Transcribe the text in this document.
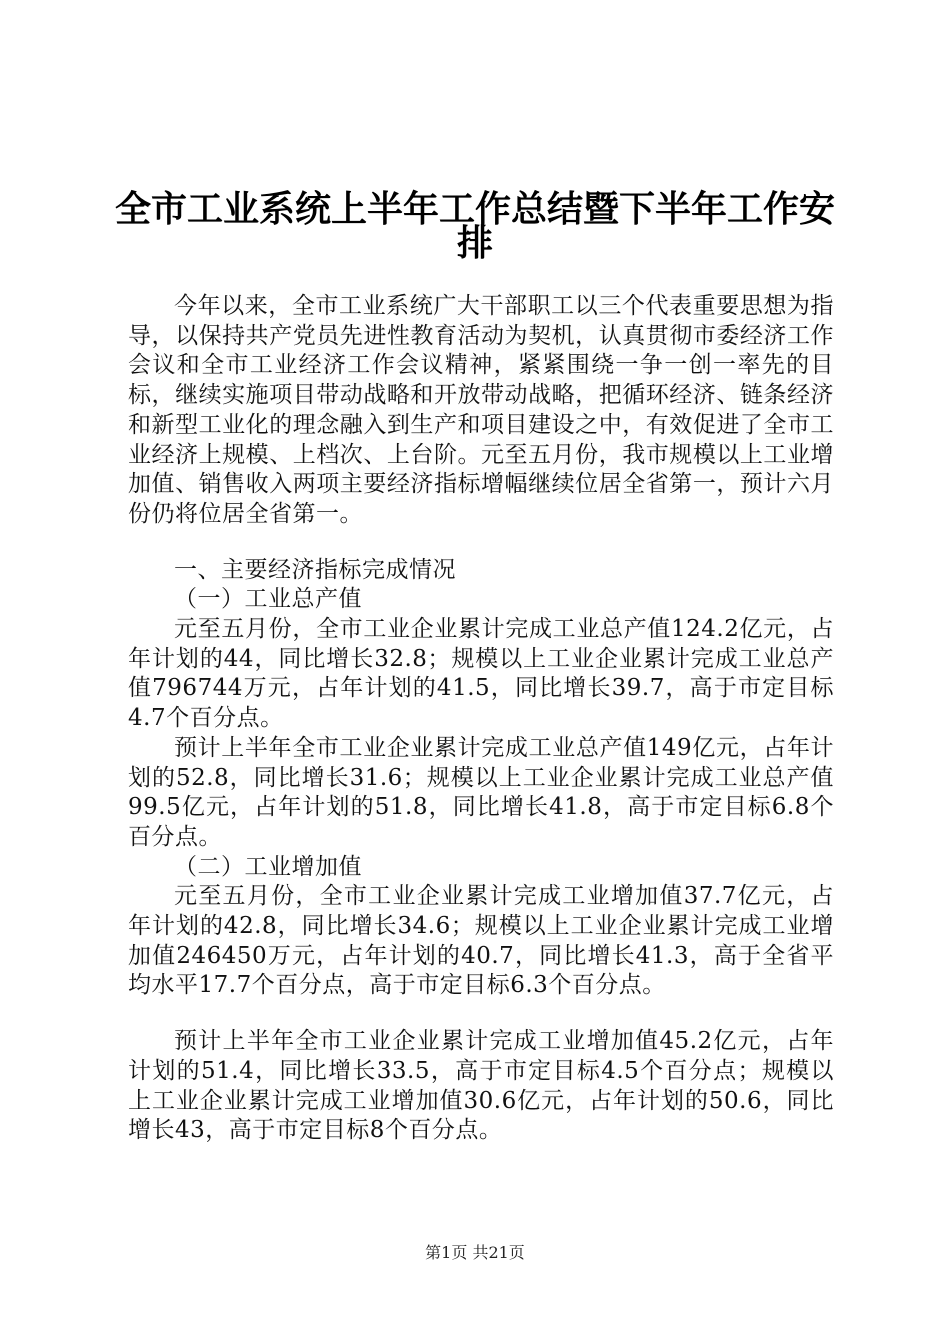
全市工业系统上半年工作总结暨下半年工作安
排

今年以来，全市工业系统广大干部职工以三个代表重要思想为指导，以保持共产党员先进性教育活动为契机，认真贯彻市委经济工作会议和全市工业经济工作会议精神，紧紧围绕一争一创一率先的目标，继续实施项目带动战略和开放带动战略，把循环经济、链条经济和新型工业化的理念融入到生产和项目建设之中，有效促进了全市工业经济上规模、上档次、上台阶。元至五月份，我市规模以上工业增加值、销售收入两项主要经济指标增幅继续位居全省第一，预计六月份仍将位居全省第一。

一、主要经济指标完成情况

（一）工业总产值

元至五月份，全市工业企业累计完成工业总产值124.2亿元，占年计划的44，同比增长32.8；规模以上工业企业累计完成工业总产值796744万元，占年计划的41.5，同比增长39.7，高于市定目标4.7个百分点。

预计上半年全市工业企业累计完成工业总产值149亿元，占年计划的52.8，同比增长31.6；规模以上工业企业累计完成工业总产值99.5亿元，占年计划的51.8，同比增长41.8，高于市定目标6.8个百分点。

（二）工业增加值

元至五月份，全市工业企业累计完成工业增加值37.7亿元，占年计划的42.8，同比增长34.6；规模以上工业企业累计完成工业增加值246450万元，占年计划的40.7，同比增长41.3，高于全省平均水平17.7个百分点，高于市定目标6.3个百分点。

预计上半年全市工业企业累计完成工业增加值45.2亿元，占年计划的51.4，同比增长33.5，高于市定目标4.5个百分点；规模以上工业企业累计完成工业增加值30.6亿元，占年计划的50.6，同比增长43，高于市定目标8个百分点。

第1页 共21页
